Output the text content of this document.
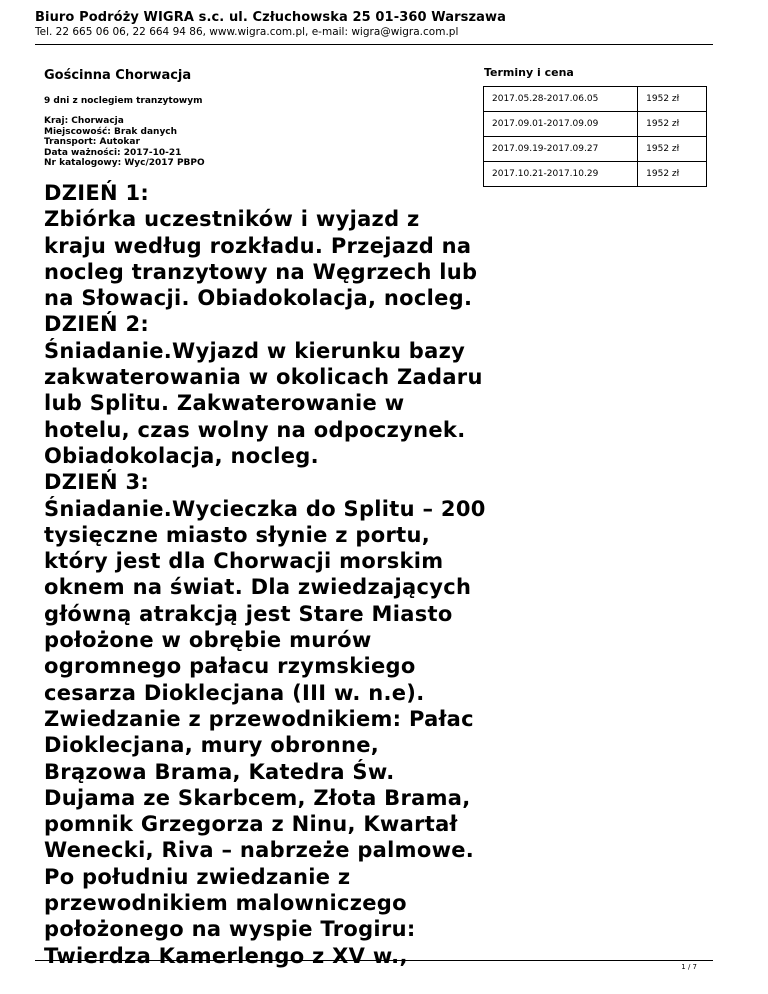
Biuro Podróży WIGRA s.c. ul. Człuchowska 25 01-360 Warszawa
Tel. 22 665 06 06, 22 664 94 86, www.wigra.com.pl, e-mail: wigra@wigra.com.pl
Gościnna Chorwacja
9 dni z noclegiem tranzytowym
Kraj: Chorwacja
Miejscowość: Brak danych
Transport: Autokar
Data ważności: 2017-10-21
Nr katalogowy: Wyc/2017 PBPO
Terminy i cena
2017.05.28-2017.06.05	1952 zł
2017.09.01-2017.09.09	1952 zł
2017.09.19-2017.09.27	1952 zł
2017.10.21-2017.10.29	1952 zł
DZIEŃ 1:
Zbiórka uczestników i wyjazd z
kraju według rozkładu. Przejazd na
nocleg tranzytowy na Węgrzech lub
na Słowacji. Obiadokolacja, nocleg.
DZIEŃ 2:
Śniadanie.Wyjazd w kierunku bazy
zakwaterowania w okolicach Zadaru
lub Splitu. Zakwaterowanie w
hotelu, czas wolny na odpoczynek.
Obiadokolacja, nocleg.
DZIEŃ 3:
Śniadanie.Wycieczka do Splitu – 200
tysięczne miasto słynie z portu,
który jest dla Chorwacji morskim
oknem na świat. Dla zwiedzających
główną atrakcją jest Stare Miasto
położone w obrębie murów
ogromnego pałacu rzymskiego
cesarza Dioklecjana (III w. n.e).
Zwiedzanie z przewodnikiem: Pałac
Dioklecjana, mury obronne,
Brązowa Brama, Katedra Św.
Dujama ze Skarbcem, Złota Brama,
pomnik Grzegorza z Ninu, Kwartał
Wenecki, Riva – nabrzeże palmowe.
Po południu zwiedzanie z
przewodnikiem malowniczego
położonego na wyspie Trogiru:
Twierdza Kamerlengo z XV w.,	1 / 7
